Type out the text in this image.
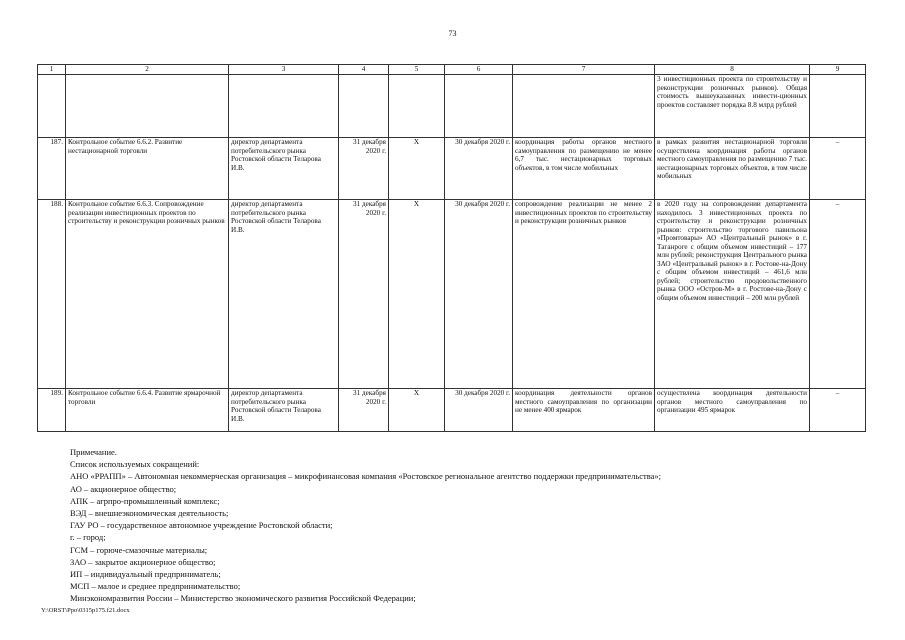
73
1	2	3	4	5	6	7	8	9
							3 инвестиционных проекта по строительству и реконструкции розничных рынков). Общая стоимость вышеуказанных инвести-ционных проектов составляет порядка 8.8 млрд рублей	
187.	Контрольное событие 6.6.2. Развитие нестационарной торговли	директор департамента потребительского рынка Ростовской области Теларова И.В.	31 декабря 2020 г.	X	30 декабря 2020 г.	координация работы органов местного самоуправления по размещению не менее 6,7 тыс. нестационарных торговых объектов, в том числе мобильных	в рамках развития нестационарной торговли осуществлена координация работы органов местного самоуправления по размещению 7 тыс. нестационарных торговых объектов, в том числе мобильных	–
188.	Контрольное событие 6.6.3. Сопровождение реализации инвестиционных проектов по строительству и реконструкции розничных рынков	директор департамента потребительского рынка Ростовской области Теларова И.В.	31 декабря 2020 г.	X	30 декабря 2020 г.	сопровождение реализации не менее 2 инвестиционных проектов по строительству и реконструкции розничных рынков	в 2020 году на сопровождении департамента находилось 3 инвестиционных проекта по строительству и реконструкции розничных рынков: строительство торгового павильона «Промтовары» АО «Центральный рынок» в г. Таганроге с общим объемом инвестиций – 177 млн рублей; реконструкция Центрального рынка ЗАО «Центральный рынок» в г. Ростове-на-Дону с общим объемом инвестиций – 461,6 млн рублей; строительство продовольственного рынка ООО «Остров-М» в г. Ростове-на-Дону с общим объемом инвестиций – 200 млн рублей	–
189.	Контрольное событие 6.6.4. Развитие ярмарочной торговли	директор департамента потребительского рынка Ростовской области Теларова И.В.	31 декабря 2020 г.	X	30 декабря 2020 г.	координация деятельности органов местного самоуправления по организации не менее 400 ярмарок	осуществлена координация деятельности органов местного самоуправления по организации 495 ярмарок	–
Примечание.
Список используемых сокращений:
АНО «РРАПП» – Автономная некоммерческая организация – микрофинансовая компания «Ростовское региональное агентство поддержки предпринимательства»;
АО – акционерное общество;
АПК – агрпро-промышленный комплекс;
ВЭД – внешнеэкономическая деятельность;
ГАУ РО – государственное автономное учреждение Ростовской области;
г. – город;
ГСМ – горюче-смазочные материалы;
ЗАО – закрытое акционерное общество;
ИП – индивидуальный предприниматель;
МСП – малое и среднее предпринимательство;
Минэкономразвития России – Министерство экономического развития Российской Федерации;
Y:\ORST\Ppo\0315p175.f21.docx
